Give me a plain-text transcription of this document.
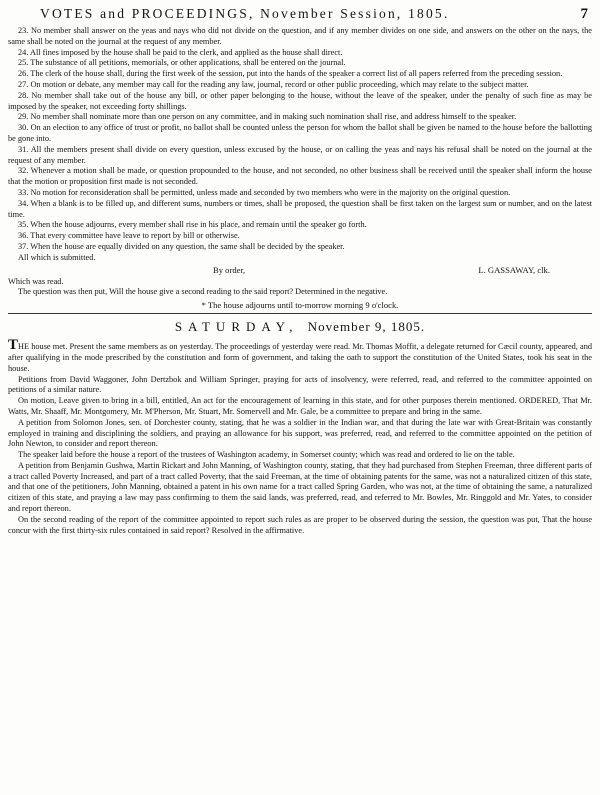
VOTES and PROCEEDINGS, November Session, 1805.	7

23. No member shall answer on the yeas and nays who did not divide on the question, and if any member divides on one side, and answers on the other on the nays, the same shall be noted on the journal at the request of any member.

24. All fines imposed by the house shall be paid to the clerk, and applied as the house shall direct.

25. The substance of all petitions, memorials, or other applications, shall be entered on the journal.

26. The clerk of the house shall, during the first week of the session, put into the hands of the speaker a correct list of all papers referred from the preceding session.

27. On motion or debate, any member may call for the reading any law, journal, record or other public proceeding, which may relate to the subject matter.

28. No member shall take out of the house any bill, or other paper belonging to the house, without the leave of the speaker, under the penalty of such fine as may be imposed by the speaker, not exceeding forty shillings.

29. No member shall nominate more than one person on any committee, and in making such nomination shall rise, and address himself to the speaker.

30. On an election to any office of trust or profit, no ballot shall be counted unless the person for whom the ballot shall be given be named to the house before the ballotting be gone into.

31. All the members present shall divide on every question, unless excused by the house, or on calling the yeas and nays his refusal shall be noted on the journal at the request of any member.

32. Whenever a motion shall be made, or question propounded to the house, and not seconded, no other business shall be received until the speaker shall inform the house that the motion or proposition first made is not seconded.

33. No motion for reconsideration shall be permitted, unless made and seconded by two members who were in the majority on the original question.

34. When a blank is to be filled up, and different sums, numbers or times, shall be proposed, the question shall be first taken on the largest sum or number, and on the latest time.

35. When the house adjourns, every member shall rise in his place, and remain until the speaker go forth.

36. That every committee have leave to report by bill or otherwise.

37. When the house are equally divided on any question, the same shall be decided by the speaker.

All which is submitted.

By order,	L. GASSAWAY, clk.

Which was read.

The question was then put, Will the house give a second reading to the said report? Determined in the negative.

* The house adjourns until to-morrow morning 9 o'clock.
SATURDAY, November 9, 1805.

THE house met. Present the same members as on yesterday. The proceedings of yesterday were read. Mr. Thomas Moffit, a delegate returned for Cæcil county, appeared, and after qualifying in the mode prescribed by the constitution and form of government, and taking the oath to support the constitution of the United States, took his seat in the house.

Petitions from David Waggoner, John Dertzbok and William Springer, praying for acts of insolvency, were referred, read, and referred to the committee appointed on petitions of a similar nature.

On motion, Leave given to bring in a bill, entitled, An act for the encouragement of learning in this state, and for other purposes therein mentioned. ORDERED, That Mr. Watts, Mr. Shaaff, Mr. Montgomery, Mr. M'Pherson, Mr. Stuart, Mr. Somervell and Mr. Gale, be a committee to prepare and bring in the same.

A petition from Solomon Jones, sen. of Dorchester county, stating, that he was a soldier in the Indian war, and that during the late war with Great-Britain was constantly employed in training and disciplining the soldiers, and praying an allowance for his support, was preferred, read, and referred to the committee appointed on the petition of John Newton, to consider and report thereon.

The speaker laid before the house a report of the trustees of Washington academy, in Somerset county; which was read and ordered to lie on the table.

A petition from Benjamin Gushwa, Martin Rickart and John Manning, of Washington county, stating, that they had purchased from Stephen Freeman, three different parts of a tract called Poverty Increased, and part of a tract called Poverty, that the said Freeman, at the time of obtaining patents for the same, was not a naturalized citizen of this state, and that one of the petitioners, John Manning, obtained a patent in his own name for a tract called Spring Garden, who was not, at the time of obtaining the same, a naturalized citizen of this state, and praying a law may pass confirming to them the said lands, was preferred, read, and referred to Mr. Bowles, Mr. Ringgold and Mr. Yates, to consider and report thereon.

On the second reading of the report of the committee appointed to report such rules as are proper to be observed during the session, the question was put, That the house concur with the first thirty-six rules contained in said report? Resolved in the affirmative.
